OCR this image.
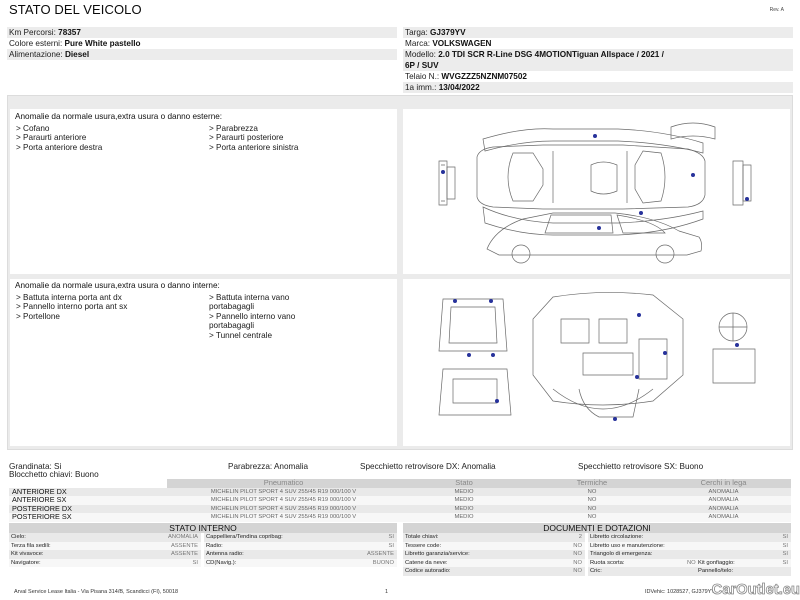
STATO DEL VEICOLO	Rev. A
Km Percorsi: 78357
Colore esterni: Pure White pastello
Alimentazione: Diesel
Targa: GJ379YV
Marca: VOLKSWAGEN
Modello: 2.0 TDI SCR R-Line DSG 4MOTIONTiguan Allspace / 2021 /
6P / SUV
Telaio N.: WVGZZZ5NZNM07502
1a imm.: 13/04/2022
Anomalie da normale usura,extra usura o danno esterne:
> Cofano
> Paraurti anteriore
> Porta anteriore destra
> Parabrezza
> Paraurti posteriore
> Porta anteriore sinistra
Anomalie da normale usura,extra usura o danno interne:
> Battuta interna porta ant dx
> Pannello interno porta ant sx
> Portellone
> Battuta interna vano
portabagagli
> Pannello interno vano
portabagagli
> Tunnel centrale
Grandinata: Si
Blocchetto chiavi: Buono
Parabrezza: Anomalia	Specchietto retrovisore DX: Anomalia	Specchietto retrovisore SX: Buono
	Pneumatico	Stato	Termiche	Cerchi in lega
ANTERIORE DX	MICHELIN PILOT SPORT 4 SUV 255/45 R19 000/100 V	MEDIO	NO	ANOMALIA
ANTERIORE SX	MICHELIN PILOT SPORT 4 SUV 255/45 R19 000/100 V	MEDIO	NO	ANOMALIA
POSTERIORE DX	MICHELIN PILOT SPORT 4 SUV 255/45 R19 000/100 V	MEDIO	NO	ANOMALIA
POSTERIORE SX	MICHELIN PILOT SPORT 4 SUV 255/45 R19 000/100 V	MEDIO	NO	ANOMALIA
STATO INTERNO
Cielo:	ANOMALIA
Terza fila sedili:	ASSENTE
Kit vivavoce:	ASSENTE
Navigatore:	SI
Cappelliera/Tendina copribag:	SI
Radio:	SI
Antenna radio:	ASSENTE
CD(Navig.):	BUONO
DOCUMENTI E DOTAZIONI
Totale chiavi:	2
Tessere code:	NO
Libretto garanzia/service:	NO
Catene da neve:	NO
Codice autoradio:	NO
Libretto circolazione:	SI
Libretto uso e manutenzione:	SI
Triangolo di emergenza:	SI
Ruota scorta:	NO Kit gonfiaggio:	SI
Cric:	Pannello/telo:
Arval Service Lease Italia - Via Pisana 314/B, Scandicci (FI), 50018	1	IDVehic: 1028527, GJ379YV
CarOutlet.eu
